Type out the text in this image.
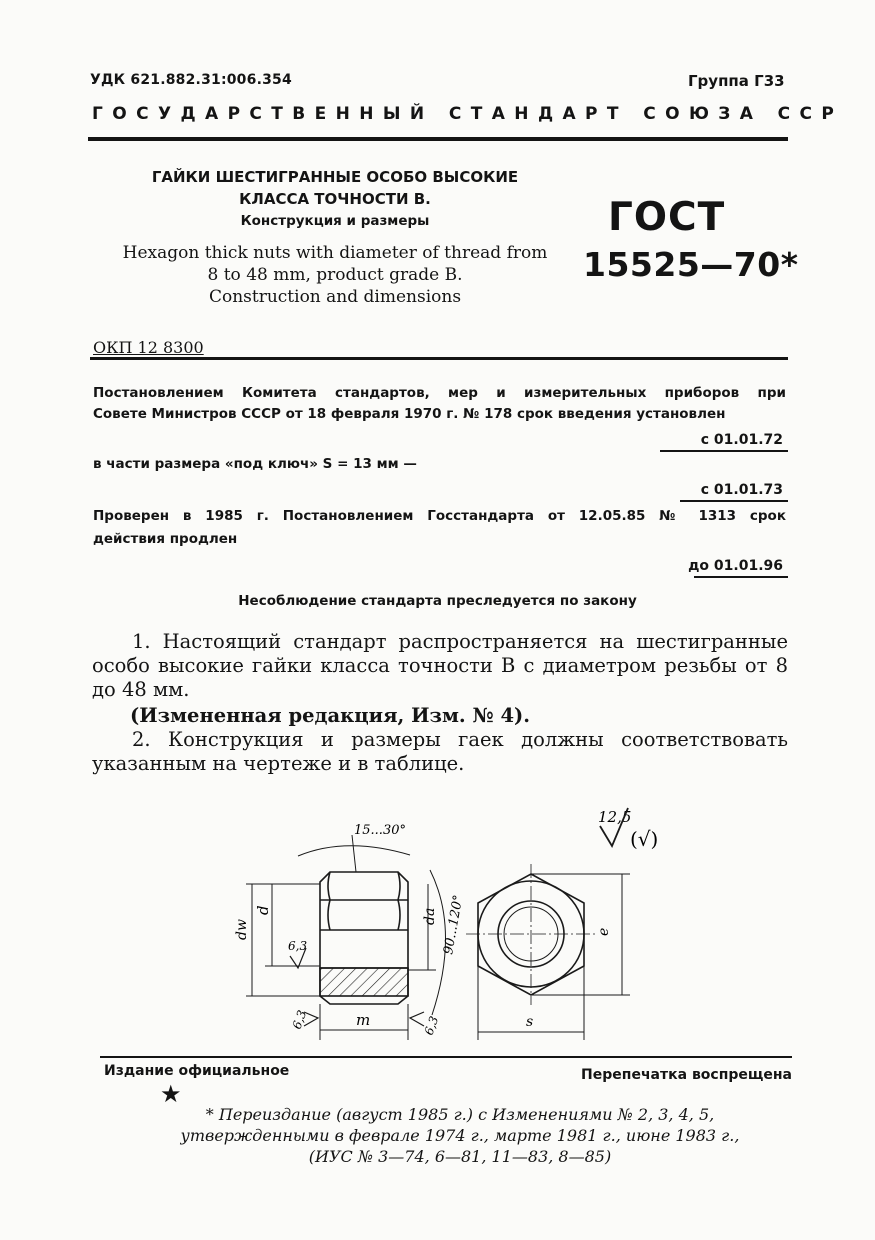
УДК 621.882.31:006.354	Группа Г33
ГОСУДАРСТВЕННЫЙ СТАНДАРТ СОЮЗА ССР
ГАЙКИ ШЕСТИГРАННЫЕ ОСОБО ВЫСОКИЕ
КЛАССА ТОЧНОСТИ В.
Конструкция и размеры
Hexagon thick nuts with diameter of thread from
8 to 48 mm, product grade B.
Construction and dimensions
ГОСТ
15525—70*
ОКП 12 8300
Постановлением Комитета стандартов, мер и измерительных приборов при
Совете Министров СССР от 18 февраля 1970 г. № 178 срок введения установлен
с 01.01.72
в части размера «под ключ» S = 13 мм —
с 01.01.73
Проверен в 1985 г. Постановлением Госстандарта от 12.05.85 № 1313 срок
действия продлен
до 01.01.96
Несоблюдение стандарта преследуется по закону
1. Настоящий стандарт распространяется на шестигранные особо высокие гайки класса точности В с диаметром резьбы от 8 до 48 мм.
(Измененная редакция, Изм. № 4).
2. Конструкция и размеры гаек должны соответствовать указанным на чертеже и в таблице.
15...30°
90...120°
dw
d	da
m
6,3
6,3	6,3	s
e
12,5
(√)
Издание официальное	Перепечатка воспрещена
★
* Переиздание (август 1985 г.) с Изменениями № 2, 3, 4, 5,
утвержденными в феврале 1974 г., марте 1981 г., июне 1983 г.,
(ИУС № 3—74, 6—81, 11—83, 8—85)
